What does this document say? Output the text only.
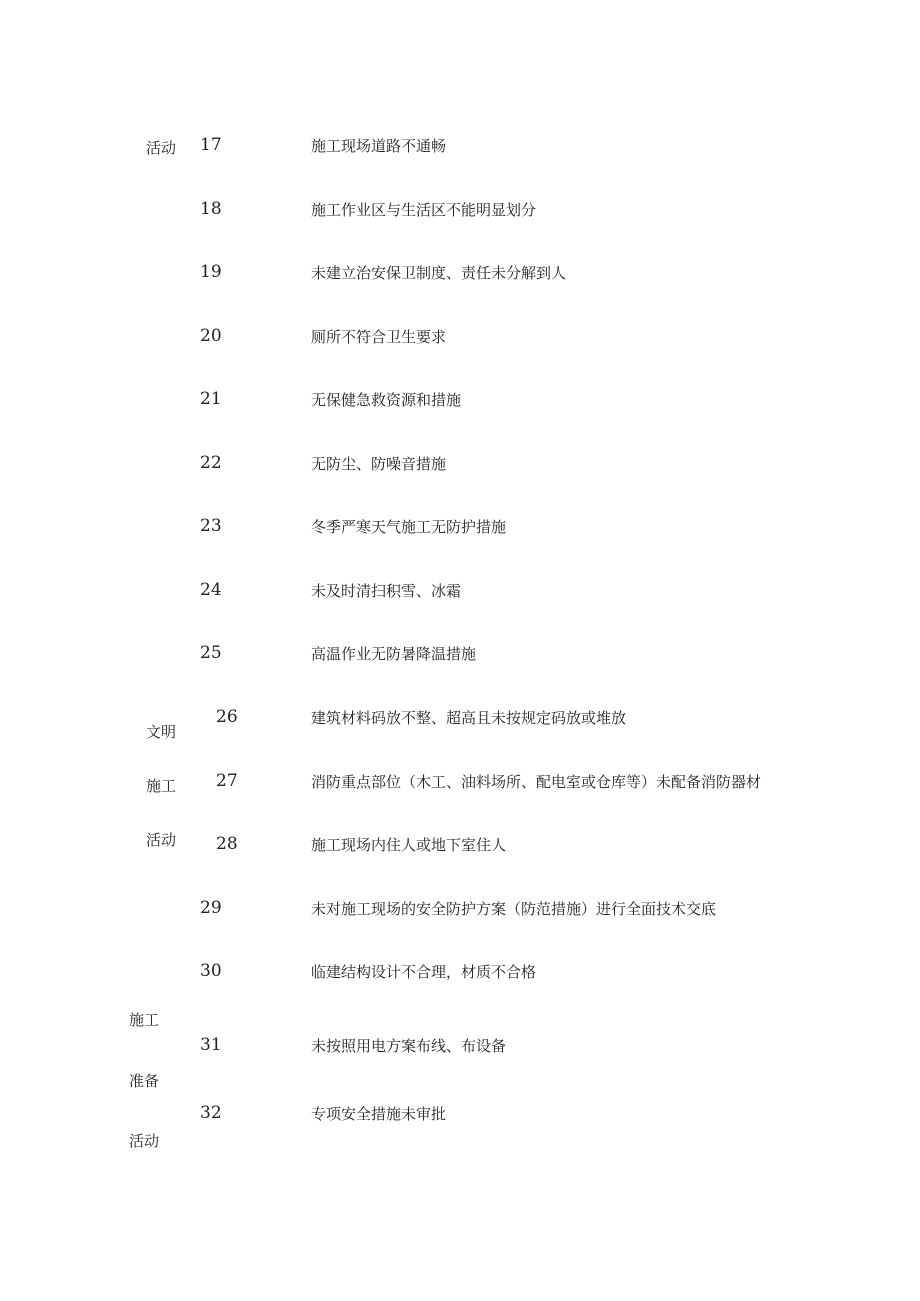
活动
文明
施工
活动
施工
准备
活动
17
18
19
20
21
22
23
24
25
26
27
28
29
30
31
32
施工现场道路不通畅
施工作业区与生活区不能明显划分
未建立治安保卫制度、责任未分解到人
厕所不符合卫生要求
无保健急救资源和措施
无防尘、防噪音措施
冬季严寒天气施工无防护措施
未及时清扫积雪、冰霜
高温作业无防暑降温措施
建筑材料码放不整、超高且未按规定码放或堆放
消防重点部位（木工、油料场所、配电室或仓库等）未配备消防器材
施工现场内住人或地下室住人
未对施工现场的安全防护方案（防范措施）进行全面技术交底
临建结构设计不合理，材质不合格
未按照用电方案布线、布设备
专项安全措施未审批
